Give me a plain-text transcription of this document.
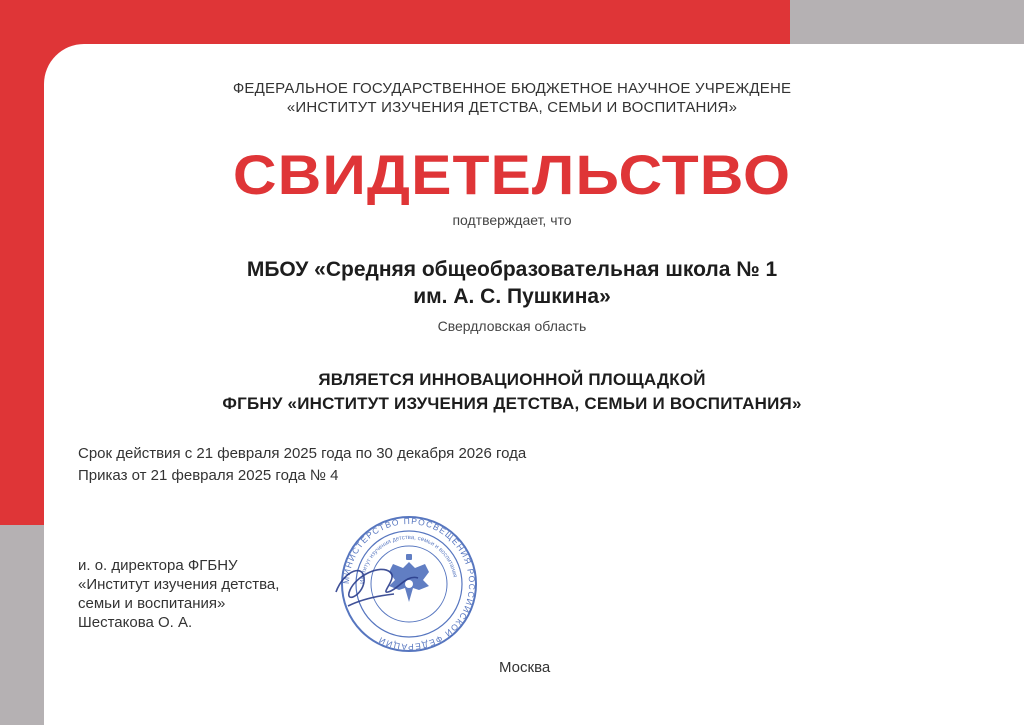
ФЕДЕРАЛЬНОЕ ГОСУДАРСТВЕННОЕ БЮДЖЕТНОЕ НАУЧНОЕ УЧРЕЖДЕНЕ
«ИНСТИТУТ ИЗУЧЕНИЯ ДЕТСТВА, СЕМЬИ И ВОСПИТАНИЯ»
СВИДЕТЕЛЬСТВО
подтверждает, что
МБОУ «Средняя общеобразовательная школа № 1
им. А. С. Пушкина»
Свердловская область
ЯВЛЯЕТСЯ ИННОВАЦИОННОЙ ПЛОЩАДКОЙ
ФГБНУ «ИНСТИТУТ ИЗУЧЕНИЯ ДЕТСТВА, СЕМЬИ И ВОСПИТАНИЯ»
Срок действия с 21 февраля 2025 года по 30 декабря 2026 года
Приказ от 21 февраля 2025 года № 4
и. о. директора ФГБНУ
«Институт изучения детства,
семьи и воспитания»
Шестакова О. А.
МИНИСТЕРСТВО ПРОСВЕЩЕНИЯ РОССИЙСКОЙ ФЕДЕРАЦИИ
Институт изучения детства, семьи и воспитания
Москва
